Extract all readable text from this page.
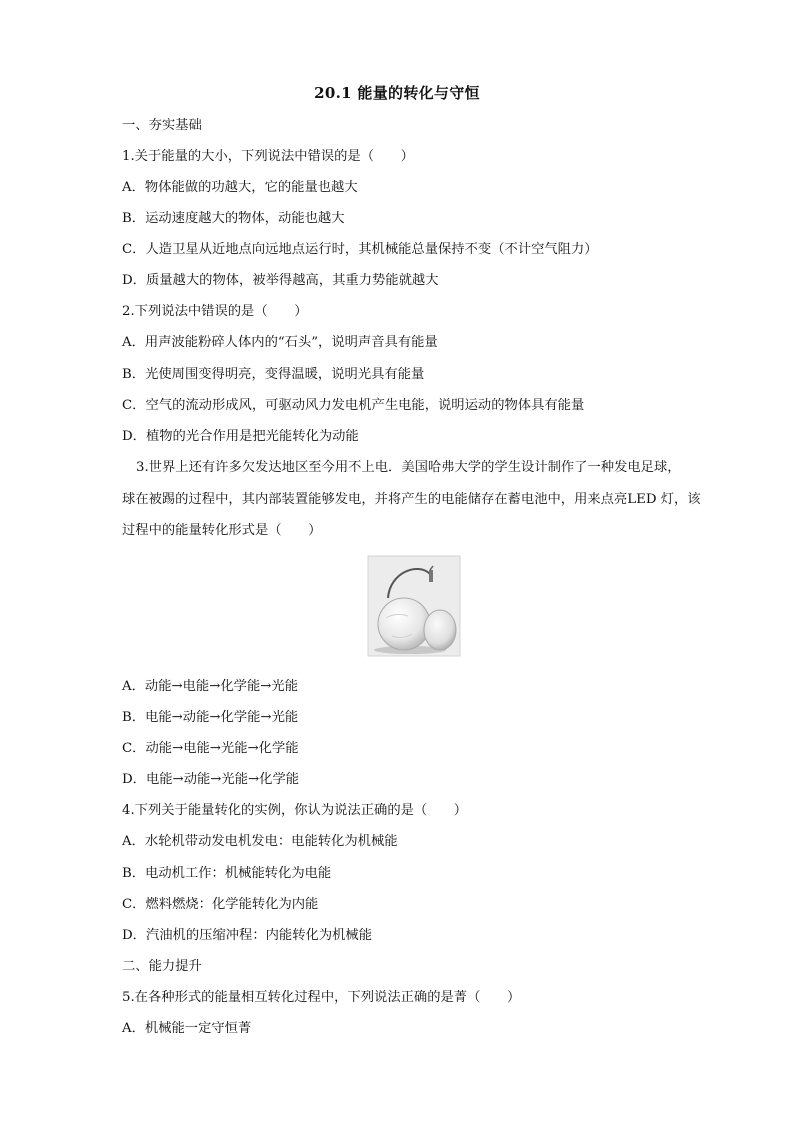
20.1 能量的转化与守恒
一、夯实基础
1.关于能量的大小，下列说法中错误的是（　　）
A．物体能做的功越大，它的能量也越大
B．运动速度越大的物体，动能也越大
C．人造卫星从近地点向远地点运行时，其机械能总量保持不变（不计空气阻力）
D．质量越大的物体，被举得越高，其重力势能就越大
2.下列说法中错误的是（　　）
A．用声波能粉碎人体内的“石头”，说明声音具有能量
B．光使周围变得明亮，变得温暖，说明光具有能量
C．空气的流动形成风，可驱动风力发电机产生电能，说明运动的物体具有能量
D．植物的光合作用是把光能转化为动能
3.世界上还有许多欠发达地区至今用不上电．美国哈弗大学的学生设计制作了一种发电足球，
球在被踢的过程中，其内部装置能够发电，并将产生的电能储存在蓄电池中，用来点亮LED 灯，该
过程中的能量转化形式是（　　）
A．动能→电能→化学能→光能
B．电能→动能→化学能→光能
C．动能→电能→光能→化学能
D．电能→动能→光能→化学能
4.下列关于能量转化的实例，你认为说法正确的是（　　）
A．水轮机带动发电机发电：电能转化为机械能
B．电动机工作：机械能转化为电能
C．燃料燃烧：化学能转化为内能
D．汽油机的压缩冲程：内能转化为机械能
二、能力提升
5.在各种形式的能量相互转化过程中，下列说法正确的是菁（　　）
A．机械能一定守恒菁
